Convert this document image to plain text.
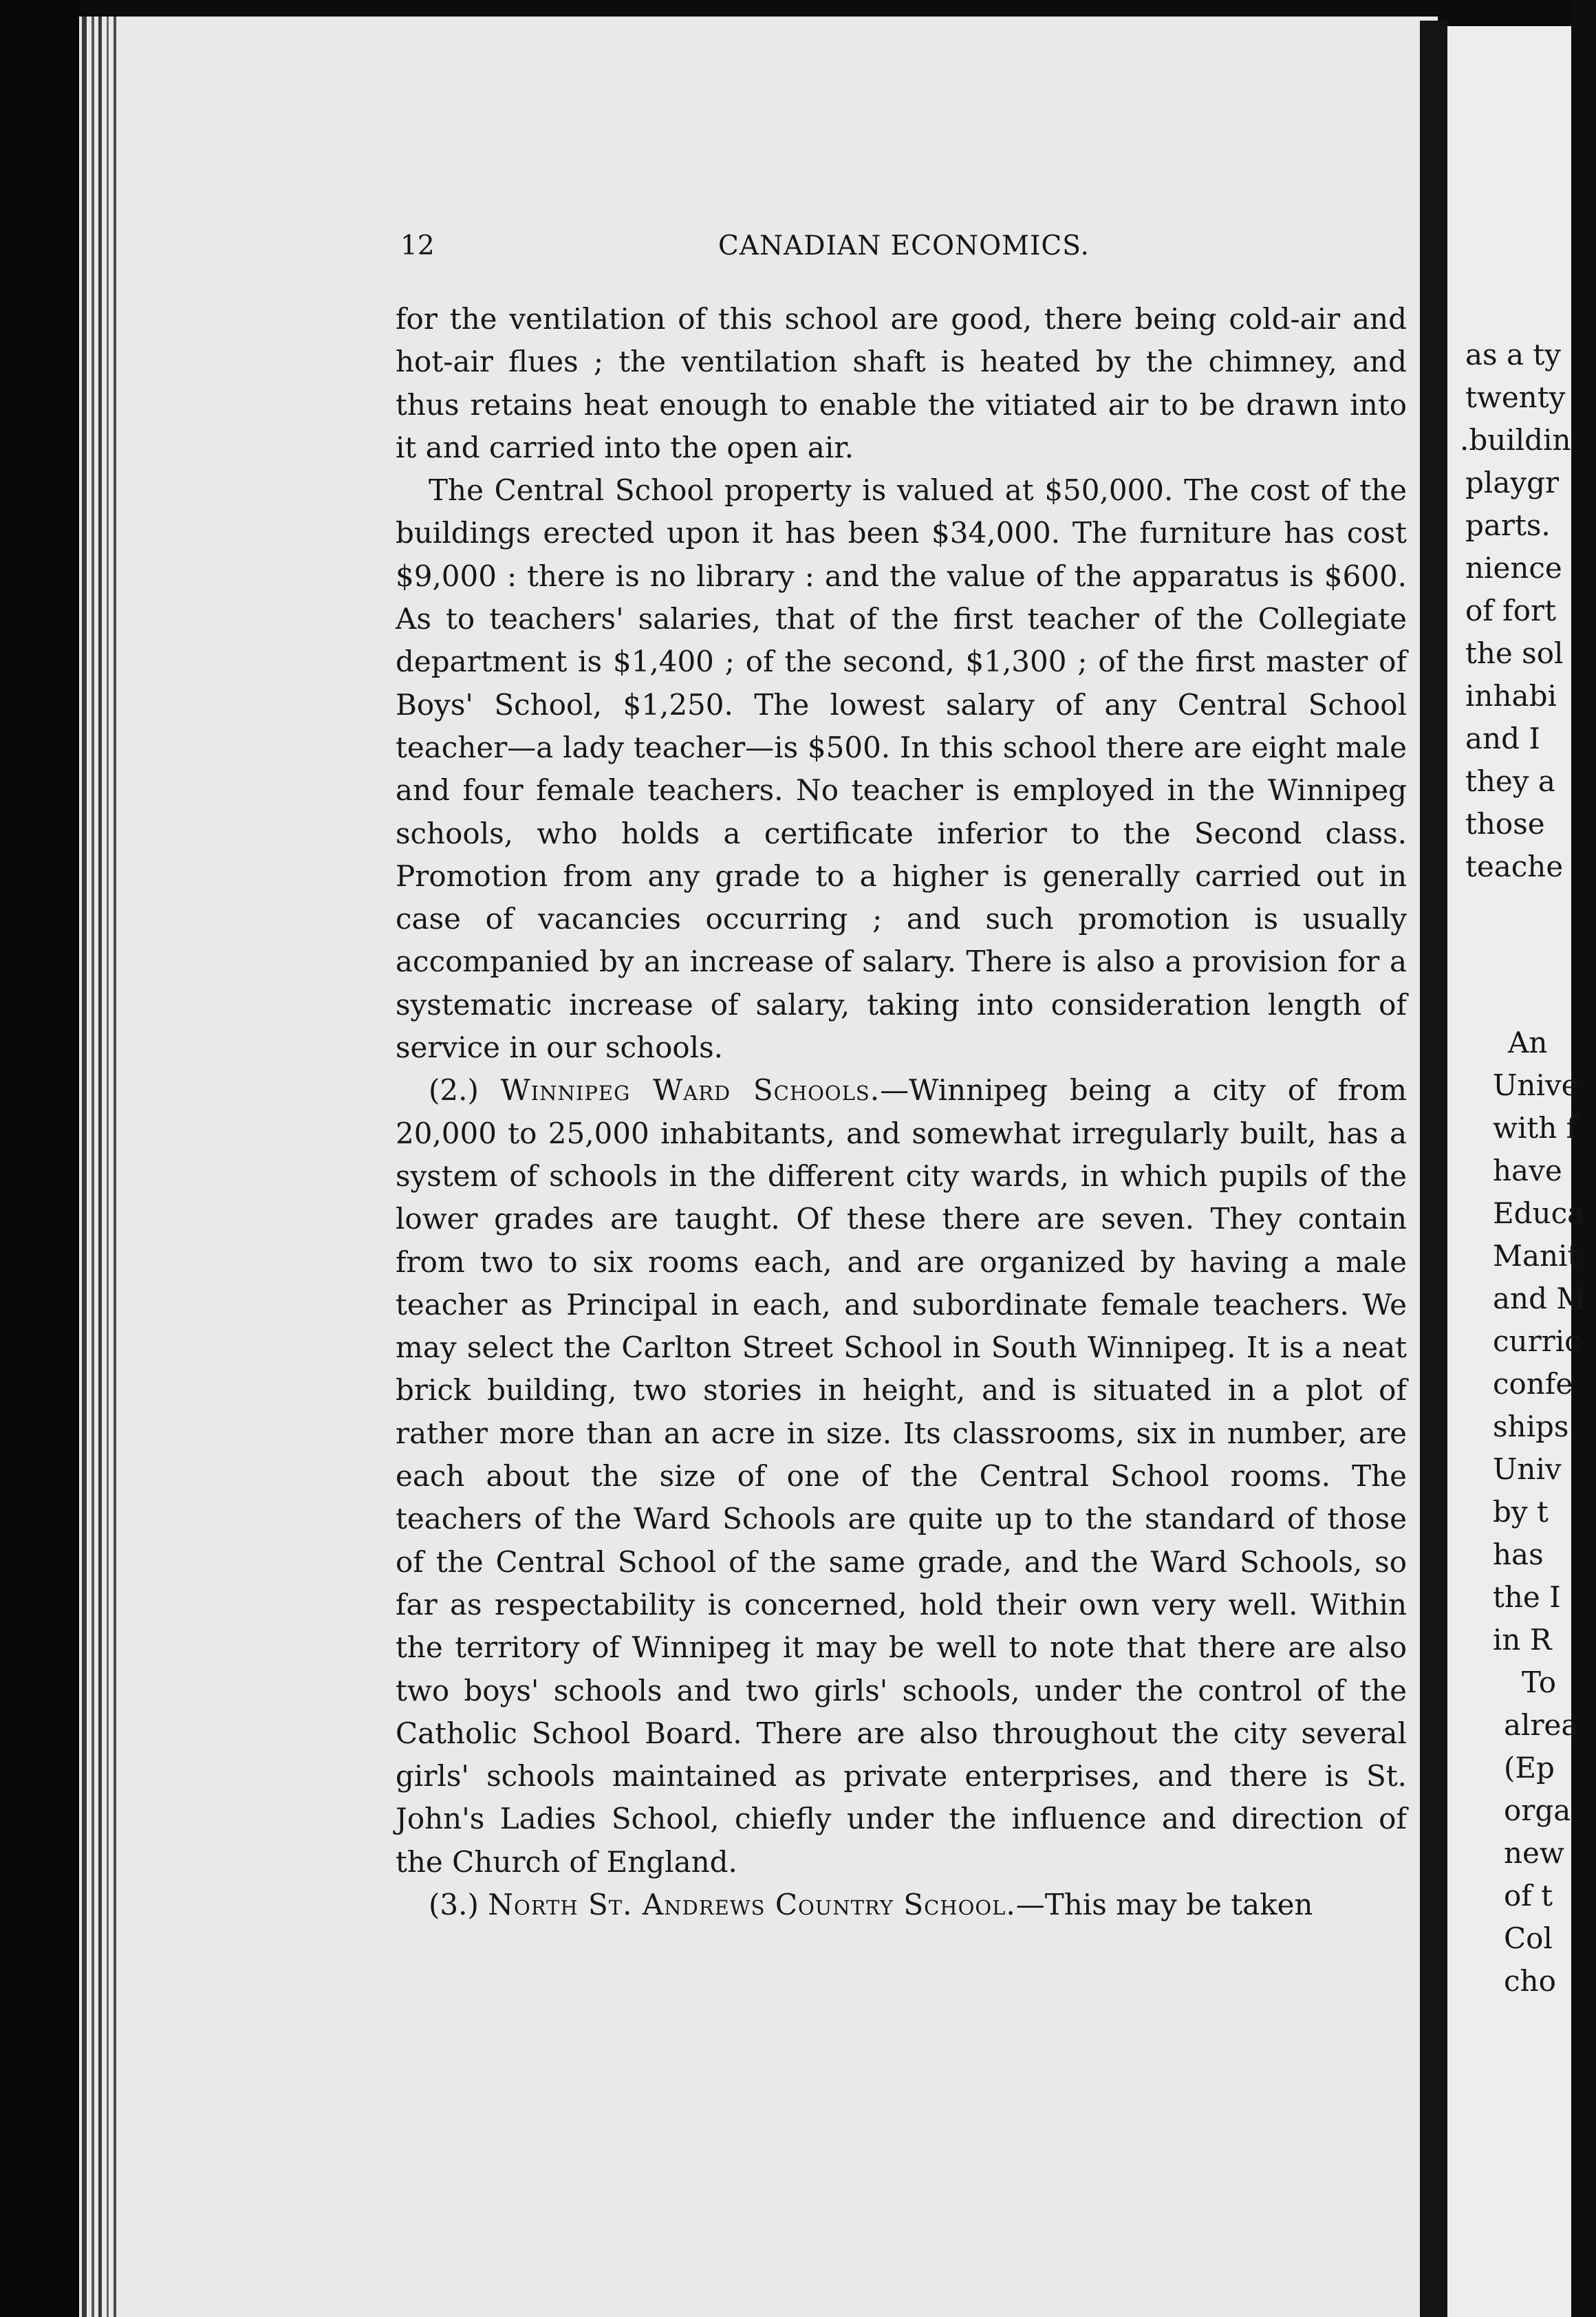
12	CANADIAN ECONOMICS.

for the ventilation of this school are good, there being cold-air and hot-air flues ; the ventilation shaft is heated by the chimney, and thus retains heat enough to enable the vitiated air to be drawn into it and carried into the open air.

The Central School property is valued at $50,000. The cost of the buildings erected upon it has been $34,000. The furniture has cost $9,000 : there is no library : and the value of the apparatus is $600. As to teachers' salaries, that of the first teacher of the Collegiate department is $1,400 ; of the second, $1,300 ; of the first master of Boys' School, $1,250. The lowest salary of any Central School teacher—a lady teacher—is $500. In this school there are eight male and four female teachers. No teacher is employed in the Winnipeg schools, who holds a certificate inferior to the Second class. Promotion from any grade to a higher is generally carried out in case of vacancies occurring ; and such promotion is usually accompanied by an increase of salary. There is also a provision for a systematic increase of salary, taking into consideration length of service in our schools.

(2.) Winnipeg Ward Schools.—Winnipeg being a city of from 20,000 to 25,000 inhabitants, and somewhat irregularly built, has a system of schools in the different city wards, in which pupils of the lower grades are taught. Of these there are seven. They contain from two to six rooms each, and are organized by having a male teacher as Principal in each, and subordinate female teachers. We may select the Carlton Street School in South Winnipeg. It is a neat brick building, two stories in height, and is situated in a plot of rather more than an acre in size. Its classrooms, six in number, are each about the size of one of the Central School rooms. The teachers of the Ward Schools are quite up to the standard of those of the Central School of the same grade, and the Ward Schools, so far as respectability is concerned, hold their own very well. Within the territory of Winnipeg it may be well to note that there are also two boys' schools and two girls' schools, under the control of the Catholic School Board. There are also throughout the city several girls' schools maintained as private enterprises, and there is St. John's Ladies School, chiefly under the influence and direction of the Church of England.

(3.) North St. Andrews Country School.—This may be taken

as a ty
twenty
.buildin
playgr
parts.
nience
of fort
the sol
inhabi
and I
they a
those
teache
An
Unive
with f
have
Educa
Manit
and M
curric
confe
ships
Univ
by t
has
the I
in R
To
alrea
(Ep
orga
new
of t
Col
cho
